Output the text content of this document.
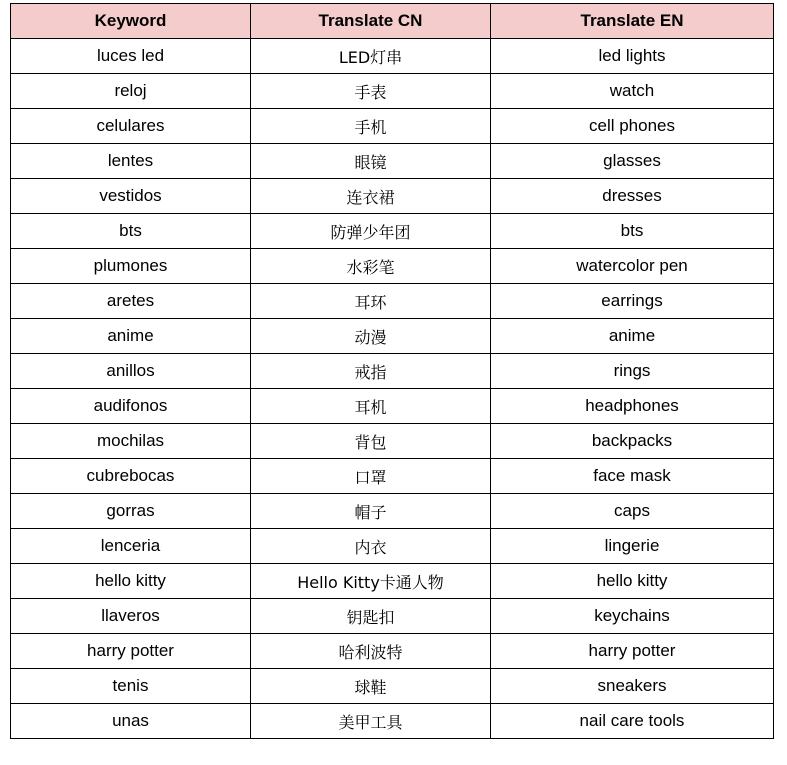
Keyword	Translate CN	Translate EN
luces led	LED灯串	led lights
reloj	手表	watch
celulares	手机	cell phones
lentes	眼镜	glasses
vestidos	连衣裙	dresses
bts	防弹少年团	bts
plumones	水彩笔	watercolor pen
aretes	耳环	earrings
anime	动漫	anime
anillos	戒指	rings
audifonos	耳机	headphones
mochilas	背包	backpacks
cubrebocas	口罩	face mask
gorras	帽子	caps
lenceria	内衣	lingerie
hello kitty	Hello Kitty卡通人物	hello kitty
llaveros	钥匙扣	keychains
harry potter	哈利波特	harry potter
tenis	球鞋	sneakers
unas	美甲工具	nail care tools
